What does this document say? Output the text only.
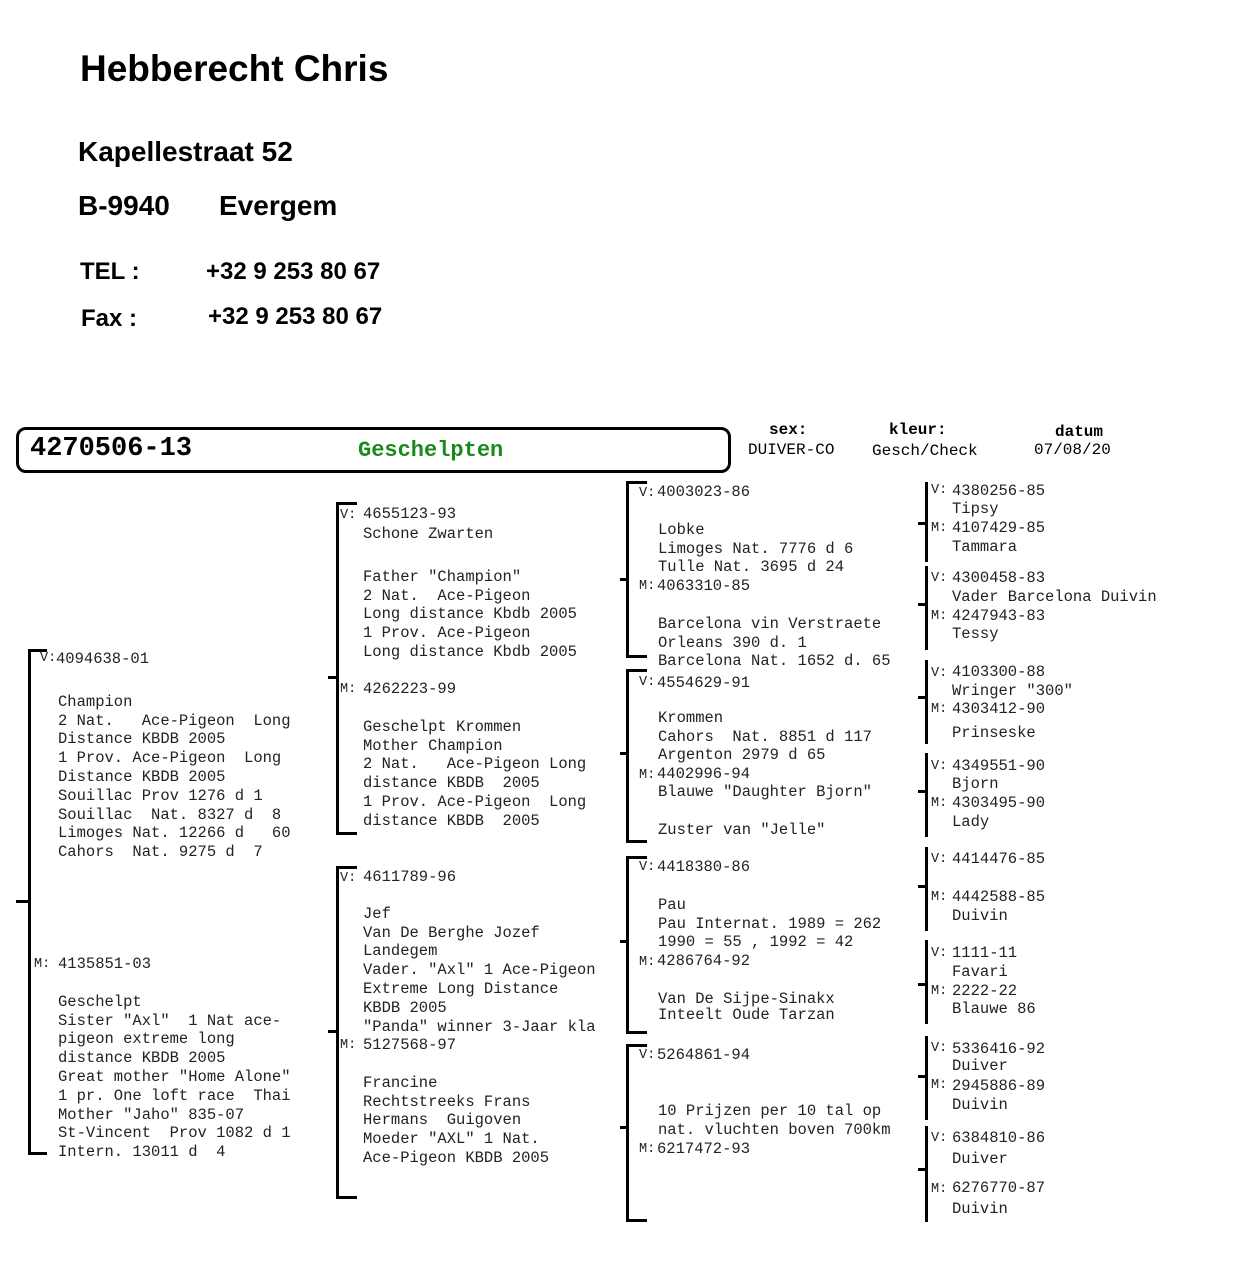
Hebberecht Chris
Kapellestraat 52
B-9940 Evergem
TEL :	+32 9 253 80 67
Fax :	+32 9 253 80 67
4270506-13	Geschelpten
sex:
DUIVER-CO
kleur:
Gesch/Check
datum
07/08/20
V: 4094638-01

Champion
2 Nat.   Ace-Pigeon  Long
Distance KBDB 2005
1 Prov. Ace-Pigeon  Long
Distance KBDB 2005
Souillac Prov 1276 d 1
Souillac  Nat. 8327 d  8
Limoges Nat. 12266 d   60
Cahors  Nat. 9275 d  7

M: 4135851-03

Geschelpt
Sister "Axl"  1 Nat ace-
pigeon extreme long
distance KBDB 2005
Great mother "Home Alone"
1 pr. One loft race  Thai
Mother "Jaho" 835-07
St-Vincent  Prov 1082 d 1
Intern. 13011 d  4

V: 4655123-93
Schone Zwarten

Father "Champion"
2 Nat.  Ace-Pigeon
Long distance Kbdb 2005
1 Prov. Ace-Pigeon
Long distance Kbdb 2005

M: 4262223-99

Geschelpt Krommen
Mother Champion
2 Nat.   Ace-Pigeon Long
distance KBDB  2005
1 Prov. Ace-Pigeon  Long
distance KBDB  2005

V: 4611789-96

Jef
Van De Berghe Jozef
Landegem
Vader. "Axl" 1 Ace-Pigeon
Extreme Long Distance
KBDB 2005
"Panda" winner 3-Jaar kla

M: 5127568-97

Francine
Rechtstreeks Frans
Hermans  Guigoven
Moeder "AXL" 1 Nat.
Ace-Pigeon KBDB 2005

V: 4003023-86

Lobke
Limoges Nat. 7776 d 6
Tulle Nat. 3695 d 24

M: 4063310-85

Barcelona vin Verstraete
Orleans 390 d. 1
Barcelona Nat. 1652 d. 65

V: 4554629-91

Krommen
Cahors  Nat. 8851 d 117
Argenton 2979 d 65

M: 4402996-94
Blauwe "Daughter Bjorn"
Zuster van "Jelle"
V: 4418380-86

Pau
Pau Internat. 1989 = 262
1990 = 55 , 1992 = 42

M: 4286764-92

Van De Sijpe-Sinakx
Inteelt Oude Tarzan

V: 5264861-94

10 Prijzen per 10 tal op
nat. vluchten boven 700km

M: 6217472-93
V: 4380256-85
Tipsy
M: 4107429-85
Tammara
V: 4300458-83
Vader Barcelona Duivin
M: 4247943-83
Tessy
V: 4103300-88
Wringer "300"
M: 4303412-90
Prinseske
V: 4349551-90
Bjorn
M: 4303495-90
Lady
V: 4414476-85
M: 4442588-85
Duivin
V: 1111-11
Favari
M: 2222-22
Blauwe 86
V: 5336416-92
Duiver
M: 2945886-89
Duivin
V: 6384810-86
Duiver
M: 6276770-87
Duivin
